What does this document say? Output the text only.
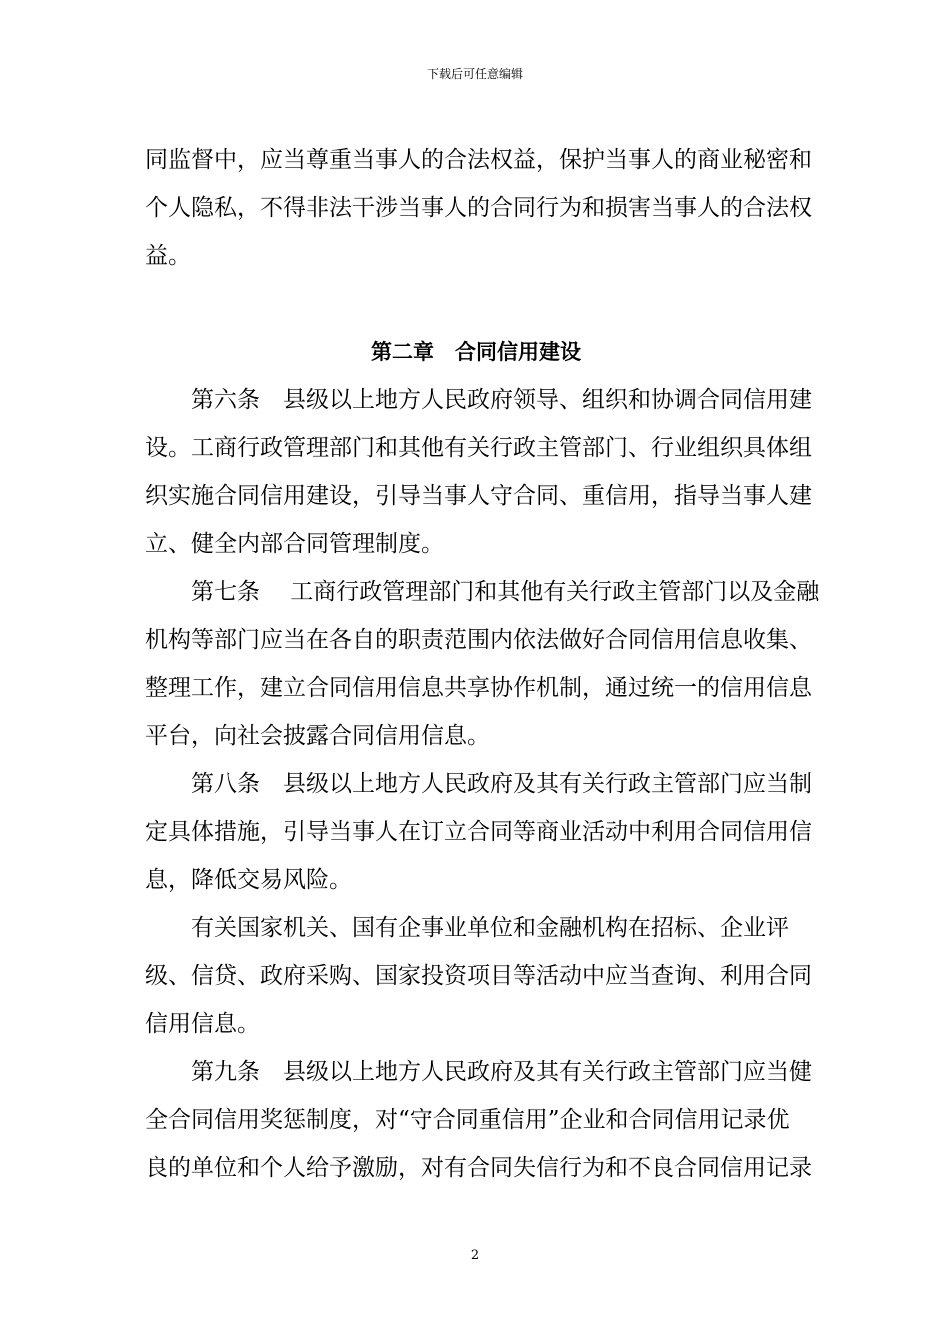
下载后可任意编辑
同监督中，应当尊重当事人的合法权益，保护当事人的商业秘密和
个人隐私，不得非法干涉当事人的合同行为和损害当事人的合法权
益。
第二章　合同信用建设
第六条　县级以上地方人民政府领导、组织和协调合同信用建
设。工商行政管理部门和其他有关行政主管部门、行业组织具体组
织实施合同信用建设，引导当事人守合同、重信用，指导当事人建
立、健全内部合同管理制度。
第七条　 工商行政管理部门和其他有关行政主管部门以及金融
机构等部门应当在各自的职责范围内依法做好合同信用信息收集、
整理工作，建立合同信用信息共享协作机制，通过统一的信用信息
平台，向社会披露合同信用信息。
第八条　县级以上地方人民政府及其有关行政主管部门应当制
定具体措施，引导当事人在订立合同等商业活动中利用合同信用信
息，降低交易风险。
有关国家机关、国有企事业单位和金融机构在招标、企业评
级、信贷、政府采购、国家投资项目等活动中应当查询、利用合同
信用信息。
第九条　县级以上地方人民政府及其有关行政主管部门应当健
全合同信用奖惩制度，对“守合同重信用”企业和合同信用记录优
良的单位和个人给予激励，对有合同失信行为和不良合同信用记录
2
